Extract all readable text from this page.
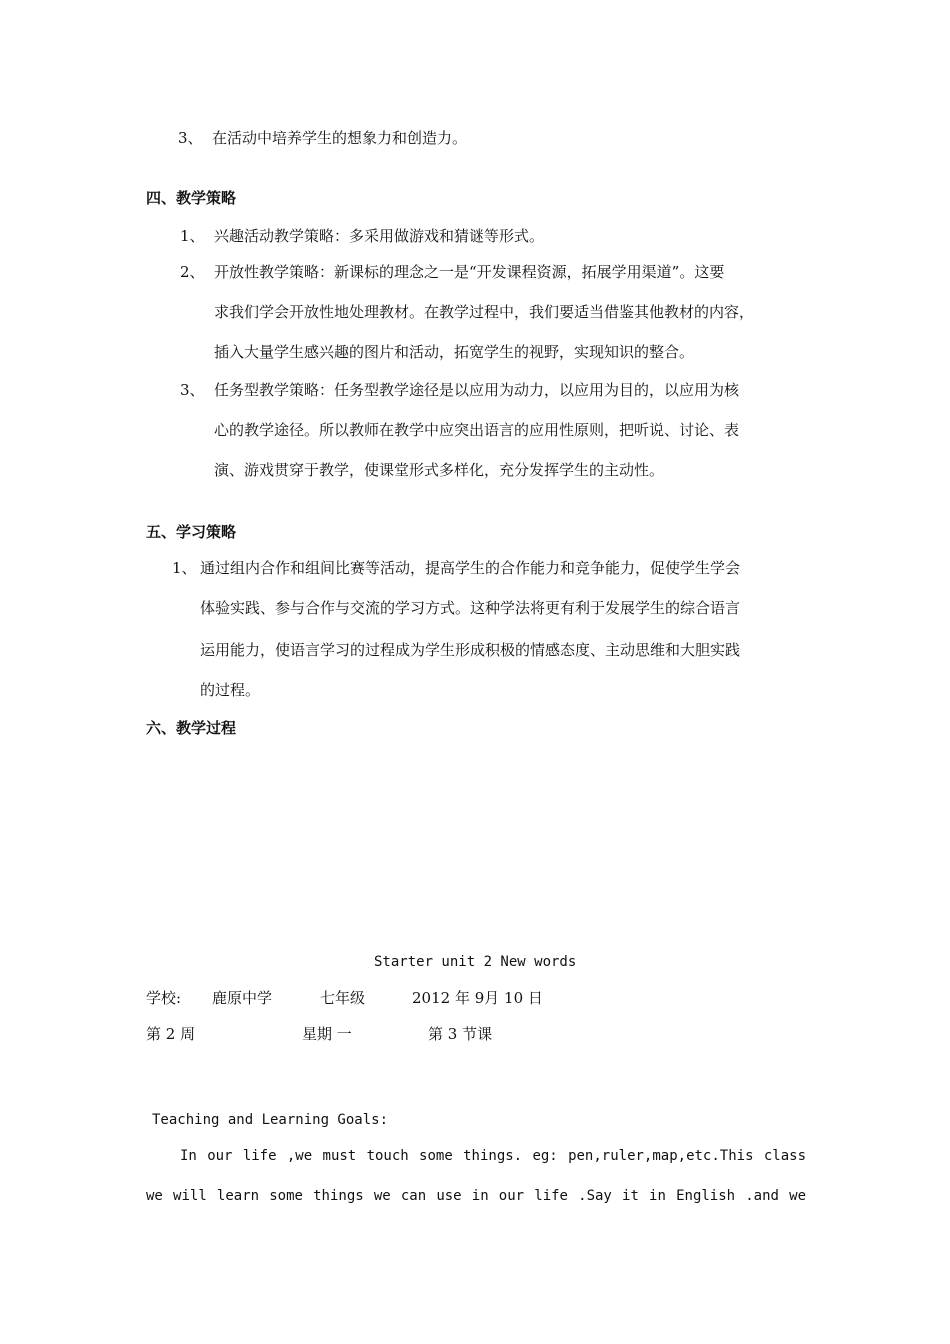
3、 在活动中培养学生的想象力和创造力。
四、教学策略
1、 兴趣活动教学策略：多采用做游戏和猜谜等形式。
2、 开放性教学策略：新课标的理念之一是“开发课程资源，拓展学用渠道”。这要
求我们学会开放性地处理教材。在教学过程中，我们要适当借鉴其他教材的内容，
插入大量学生感兴趣的图片和活动，拓宽学生的视野，实现知识的整合。
3、 任务型教学策略：任务型教学途径是以应用为动力，以应用为目的，以应用为核
心的教学途径。所以教师在教学中应突出语言的应用性原则，把听说、讨论、表
演、游戏贯穿于教学，使课堂形式多样化，充分发挥学生的主动性。
五、学习策略
1、 通过组内合作和组间比赛等活动，提高学生的合作能力和竞争能力，促使学生学会
体验实践、参与合作与交流的学习方式。这种学法将更有利于发展学生的综合语言
运用能力，使语言学习的过程成为学生形成积极的情感态度、主动思维和大胆实践
的过程。
六、教学过程
Starter unit 2 New words
学校: 鹿原中学	七年级	2012 年 9月 10 日
第 2 周	星期 一	第 3 节课
Teaching and Learning Goals:
In our life ,we must touch some things. eg: pen,ruler,map,etc.This class
we will learn some things we can use in our life .Say it in English .and we
